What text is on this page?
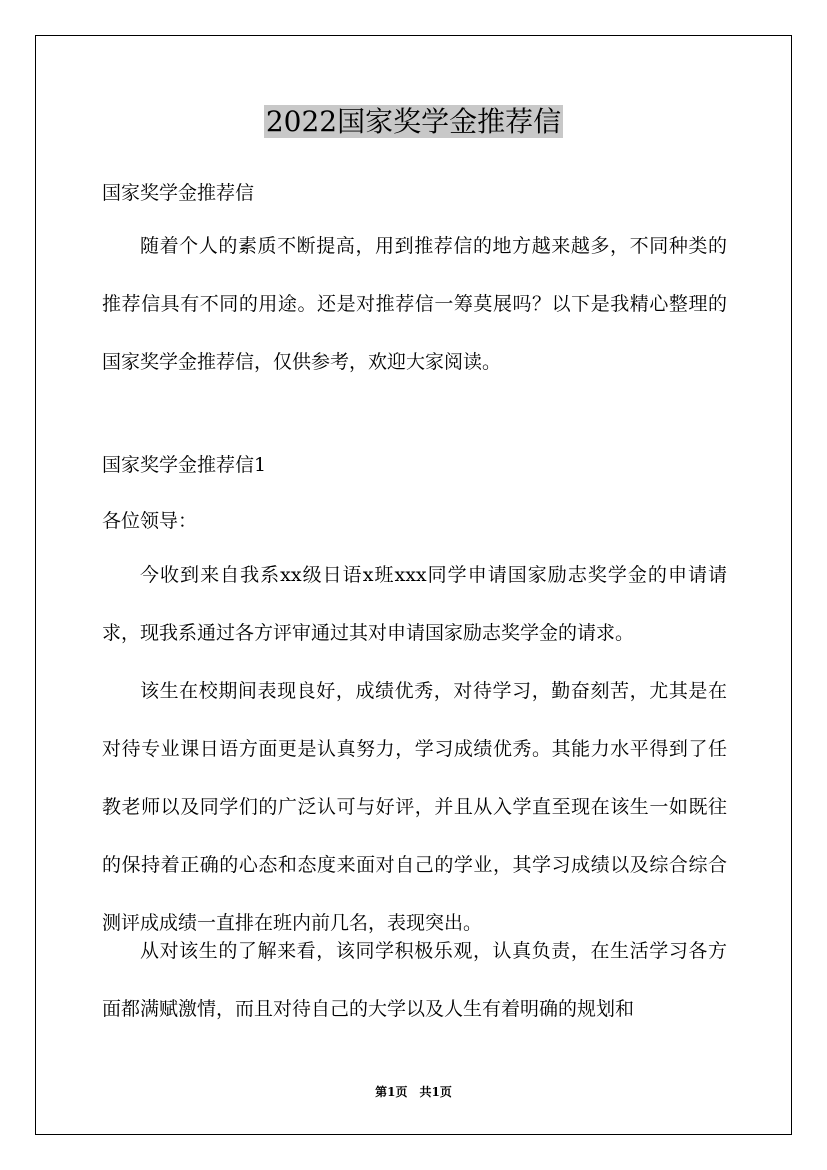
2022国家奖学金推荐信
国家奖学金推荐信
随着个人的素质不断提高，用到推荐信的地方越来越多，不同种类的推荐信具有不同的用途。还是对推荐信一筹莫展吗？以下是我精心整理的国家奖学金推荐信，仅供参考，欢迎大家阅读。
国家奖学金推荐信1
各位领导：
今收到来自我系xx级日语x班xxx同学申请国家励志奖学金的申请请求，现我系通过各方评审通过其对申请国家励志奖学金的请求。
该生在校期间表现良好，成绩优秀，对待学习，勤奋刻苦，尤其是在对待专业课日语方面更是认真努力，学习成绩优秀。其能力水平得到了任教老师以及同学们的广泛认可与好评，并且从入学直至现在该生一如既往的保持着正确的心态和态度来面对自己的学业，其学习成绩以及综合综合测评成成绩一直排在班内前几名，表现突出。
从对该生的了解来看，该同学积极乐观，认真负责，在生活学习各方面都满赋激情，而且对待自己的大学以及人生有着明确的规划和
第1页　共1页
